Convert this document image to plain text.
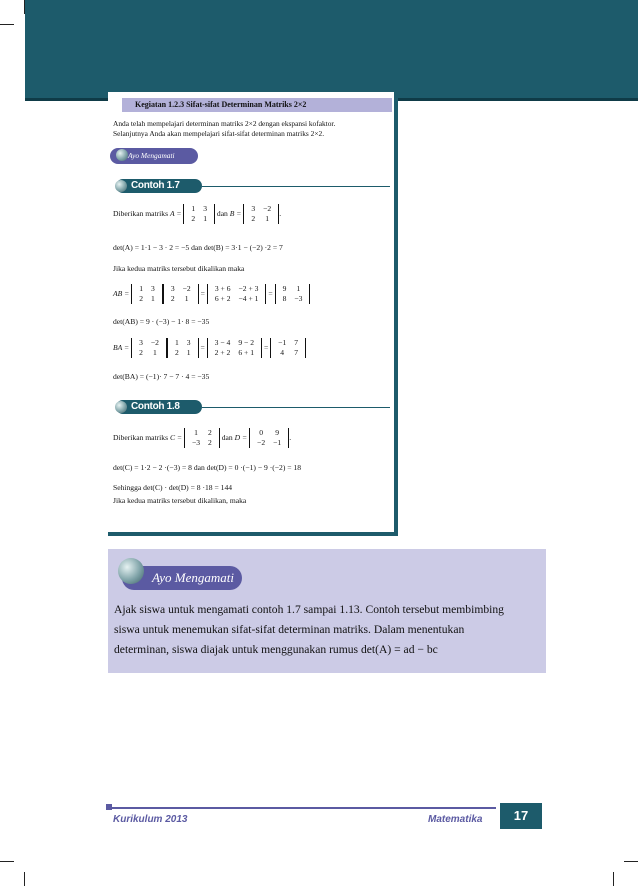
Kegiatan 1.2.3 Sifat-sifat Determinan Matriks 2×2
Anda telah mempelajari determinan matriks 2×2 dengan ekspansi kofaktor.
Selanjutnya Anda akan mempelajari sifat-sifat determinan matriks 2×2.
Ayo Mengamati
Contoh 1.7
Diberikan matriks A =
1	3
2	1
dan B =
3	−2
2	1
.
det(A) = 1·1 − 3 · 2 = −5 dan det(B) = 3·1 − (−2) ·2 = 7
Jika kedua matriks tersebut dikalikan maka
AB =
1	3
2	1
3	−2
2	1
=
3 + 6	−2 + 3
6 + 2	−4 + 1
=
9	1
8	−3
det(AB) = 9 · (−3) − 1· 8 = −35
BA =
3	−2
2	1
1	3
2	1
=
3 − 4	9 − 2
2 + 2	6 + 1
=
−1	7
4	7
det(BA) = (−1)· 7 − 7 · 4 = −35
Contoh 1.8
Diberikan matriks C =
1	2
−3	2
dan D =
0	9
−2	−1
.
det(C) = 1·2 − 2 ·(−3) = 8 dan det(D) = 0 ·(−1) − 9 ·(−2) = 18
Sehingga det(C) · det(D) = 8 ·18 = 144
Jika kedua matriks tersebut dikalikan, maka
Ayo Mengamati
Ajak siswa untuk mengamati contoh 1.7 sampai 1.13. Contoh tersebut membimbing
siswa untuk menemukan sifat-sifat determinan matriks. Dalam menentukan
determinan, siswa diajak untuk menggunakan rumus det(A) = ad − bc
Kurikulum 2013	Matematika	17
